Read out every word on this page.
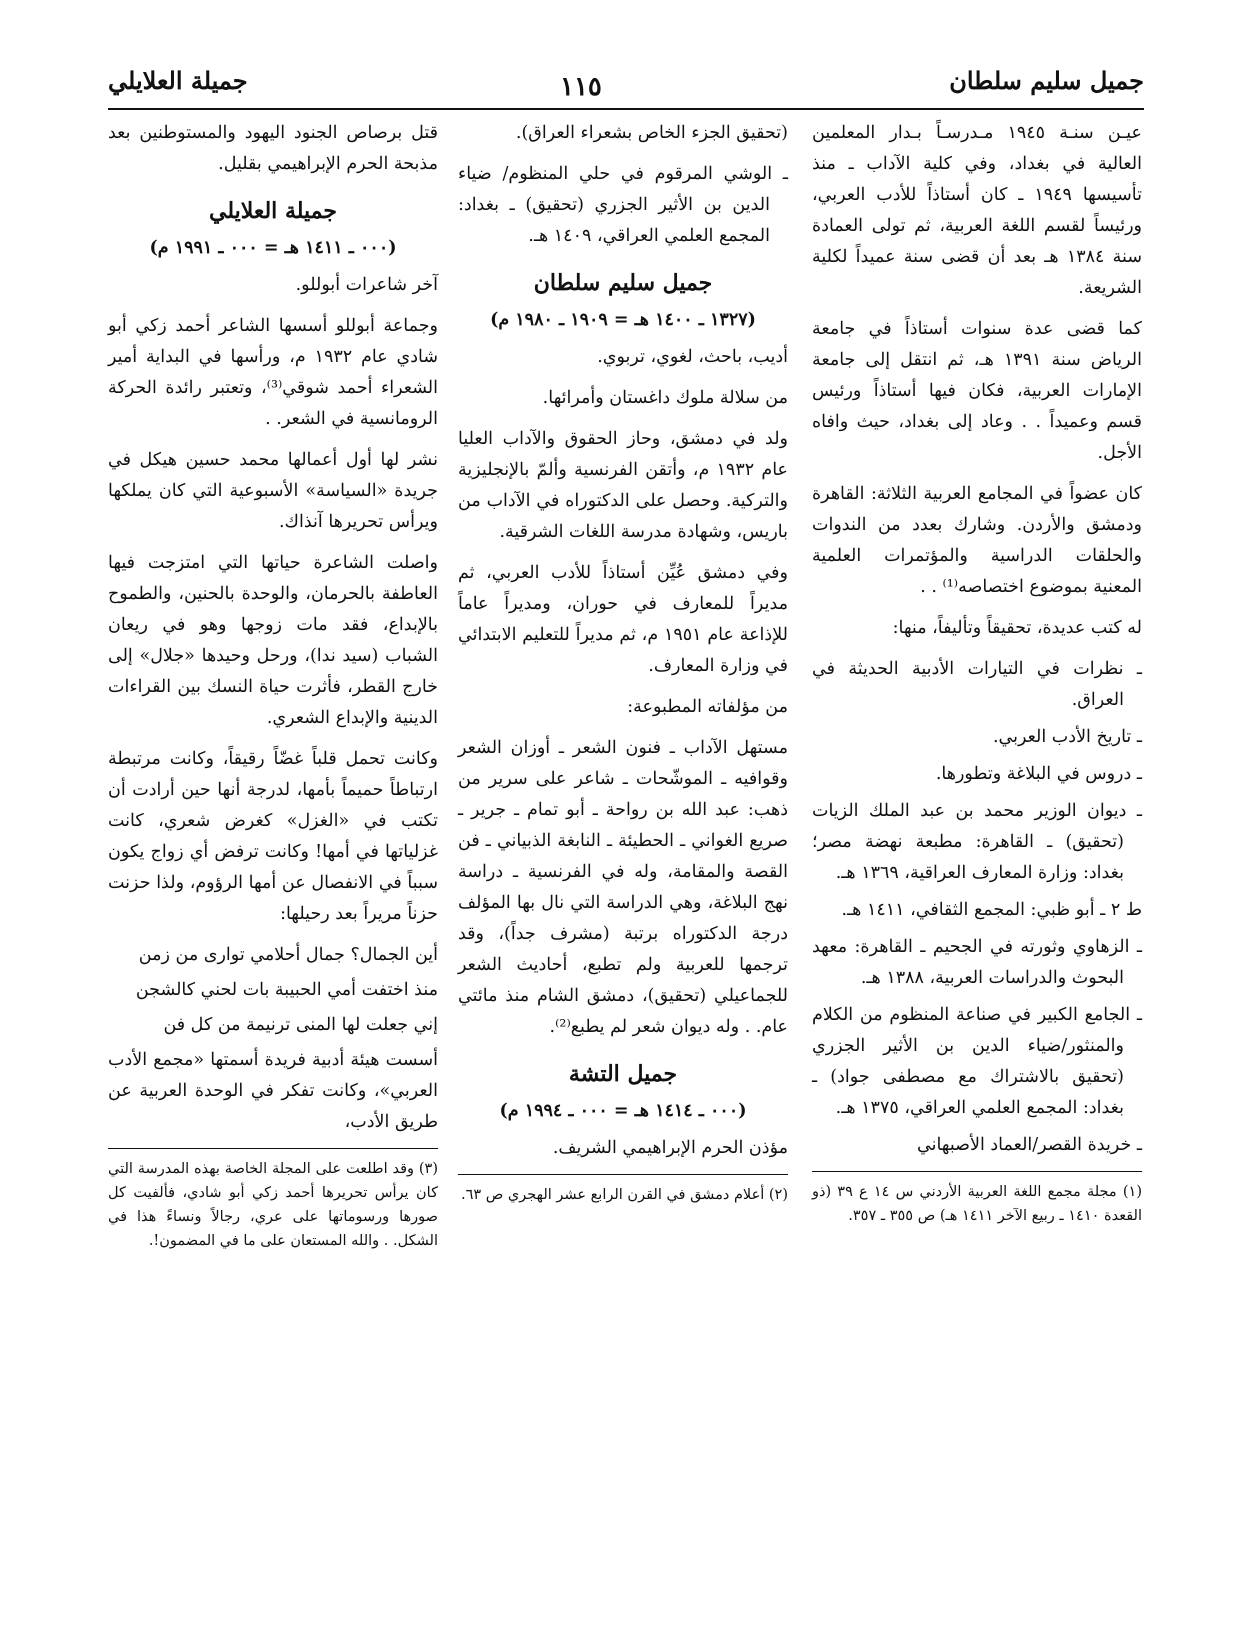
جميل سليم سلطان
١١٥
جميلة العلايلي

عيـن سنـة ١٩٤٥ مـدرسـاً بـدار المعلمين العالية في بغداد، وفي كلية الآداب ـ منذ تأسيسها ١٩٤٩ ـ كان أستاذاً للأدب العربي، ورئيساً لقسم اللغة العربية، ثم تولى العمادة سنة ١٣٨٤ هـ بعد أن قضى سنة عميداً لكلية الشريعة.

كما قضى عدة سنوات أستاذاً في جامعة الرياض سنة ١٣٩١ هـ، ثم انتقل إلى جامعة الإمارات العربية، فكان فيها أستاذاً ورئيس قسم وعميداً . . وعاد إلى بغداد، حيث وافاه الأجل.

كان عضواً في المجامع العربية الثلاثة: القاهرة ودمشق والأردن. وشارك بعدد من الندوات والحلقات الدراسية والمؤتمرات العلمية المعنية بموضوع اختصاصه⁽¹⁾ . .

له كتب عديدة، تحقيقاً وتأليفاً، منها:

ـ نظرات في التيارات الأدبية الحديثة في العراق.

ـ تاريخ الأدب العربي.

ـ دروس في البلاغة وتطورها.

ـ ديوان الوزير محمد بن عبد الملك الزيات (تحقيق) ـ القاهرة: مطبعة نهضة مصر؛ بغداد: وزارة المعارف العراقية، ١٣٦٩ هـ.

ط ٢ ـ أبو ظبي: المجمع الثقافي، ١٤١١ هـ.

ـ الزهاوي وثورته في الجحيم ـ القاهرة: معهد البحوث والدراسات العربية، ١٣٨٨ هـ.

ـ الجامع الكبير في صناعة المنظوم من الكلام والمنثور/ضياء الدين بن الأثير الجزري (تحقيق بالاشتراك مع مصطفى جواد) ـ بغداد: المجمع العلمي العراقي، ١٣٧٥ هـ.

ـ خريدة القصر/العماد الأصبهاني

(١) مجلة مجمع اللغة العربية الأردني س ١٤ ع ٣٩ (ذو القعدة ١٤١٠ ـ ربيع الآخر ١٤١١ هـ) ص ٣٥٥ ـ ٣٥٧.

(تحقيق الجزء الخاص بشعراء العراق).

ـ الوشي المرقوم في حلي المنظوم/ ضياء الدين بن الأثير الجزري (تحقيق) ـ بغداد: المجمع العلمي العراقي، ١٤٠٩ هـ.

جميل سليم سلطان
(١٣٢٧ ـ ١٤٠٠ هـ = ١٩٠٩ ـ ١٩٨٠ م)

أديب، باحث، لغوي، تربوي.

من سلالة ملوك داغستان وأمرائها.

ولد في دمشق، وحاز الحقوق والآداب العليا عام ١٩٣٢ م، وأتقن الفرنسية وألمّ بالإنجليزية والتركية. وحصل على الدكتوراه في الآداب من باريس، وشهادة مدرسة اللغات الشرقية.

وفي دمشق عُيِّن أستاذاً للأدب العربي، ثم مديراً للمعارف في حوران، ومديراً عاماً للإذاعة عام ١٩٥١ م، ثم مديراً للتعليم الابتدائي في وزارة المعارف.

من مؤلفاته المطبوعة:

مستهل الآداب ـ فنون الشعر ـ أوزان الشعر وقوافيه ـ الموشّحات ـ شاعر على سرير من ذهب: عبد الله بن رواحة ـ أبو تمام ـ جرير ـ صريع الغواني ـ الحطيئة ـ النابغة الذبياني ـ فن القصة والمقامة، وله في الفرنسية ـ دراسة نهج البلاغة، وهي الدراسة التي نال بها المؤلف درجة الدكتوراه برتبة (مشرف جداً)، وقد ترجمها للعربية ولم تطبع، أحاديث الشعر للجماعيلي (تحقيق)، دمشق الشام منذ مائتي عام. . وله ديوان شعر لم يطبع⁽²⁾.

جميل التشة
(٠٠٠ ـ ١٤١٤ هـ = ٠٠٠ ـ ١٩٩٤ م)

مؤذن الحرم الإبراهيمي الشريف.

(٢) أعلام دمشق في القرن الرابع عشر الهجري ص ٦٣.

قتل برصاص الجنود اليهود والمستوطنين بعد مذبحة الحرم الإبراهيمي بقليل.

جميلة العلايلي
(٠٠٠ ـ ١٤١١ هـ = ٠٠٠ ـ ١٩٩١ م)

آخر شاعرات أبوللو.

وجماعة أبوللو أسسها الشاعر أحمد زكي أبو شادي عام ١٩٣٢ م، ورأسها في البداية أمير الشعراء أحمد شوقي⁽³⁾، وتعتبر رائدة الحركة الرومانسية في الشعر. .

نشر لها أول أعمالها محمد حسين هيكل في جريدة «السياسة» الأسبوعية التي كان يملكها ويرأس تحريرها آنذاك.

واصلت الشاعرة حياتها التي امتزجت فيها العاطفة بالحرمان، والوحدة بالحنين، والطموح بالإبداع، فقد مات زوجها وهو في ريعان الشباب (سيد ندا)، ورحل وحيدها «جلال» إلى خارج القطر، فأثرت حياة النسك بين القراءات الدينية والإبداع الشعري.

وكانت تحمل قلباً غضّاً رقيقاً، وكانت مرتبطة ارتباطاً حميماً بأمها، لدرجة أنها حين أرادت أن تكتب في «الغزل» كغرض شعري، كانت غزلياتها في أمها! وكانت ترفض أي زواج يكون سبباً في الانفصال عن أمها الرؤوم، ولذا حزنت حزناً مريراً بعد رحيلها:

أين الجمال؟ جمال أحلامي توارى من زمن
منذ اختفت أمي الحبيبة بات لحني كالشجن
إني جعلت لها المنى ترنيمة من كل فن

أسست هيئة أدبية فريدة أسمتها «مجمع الأدب العربي»، وكانت تفكر في الوحدة العربية عن طريق الأدب،

(٣) وقد اطلعت على المجلة الخاصة بهذه المدرسة التي كان يرأس تحريرها أحمد زكي أبو شادي، فألفيت كل صورها ورسوماتها على عري، رجالاً ونساءً هذا في الشكل. . والله المستعان على ما في المضمون!.
